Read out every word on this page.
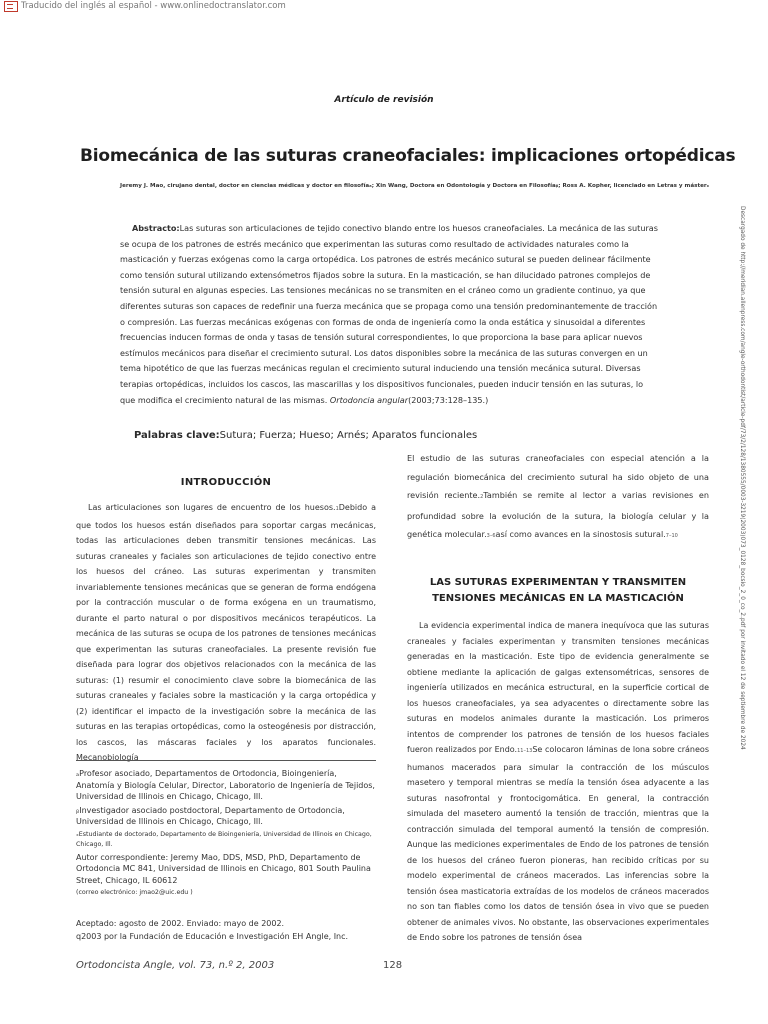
Traducido del inglés al español - www.onlinedoctranslator.com
Artículo de revisión
Biomecánica de las suturas craneofaciales: implicaciones ortopédicas
Jeremy J. Mao, cirujano dental, doctor en ciencias médicas y doctor en filosofíaₐ; Xin Wang, Doctora en Odontología y Doctora en Filosofíaᵦ; Ross A. Kopher, licenciado en Letras y másterₓ
Abstracto:Las suturas son articulaciones de tejido conectivo blando entre los huesos craneofaciales. La mecánica de las suturas se ocupa de los patrones de estrés mecánico que experimentan las suturas como resultado de actividades naturales como la masticación y fuerzas exógenas como la carga ortopédica. Los patrones de estrés mecánico sutural se pueden delinear fácilmente como tensión sutural utilizando extensómetros fijados sobre la sutura. En la masticación, se han dilucidado patrones complejos de tensión sutural en algunas especies. Las tensiones mecánicas no se transmiten en el cráneo como un gradiente continuo, ya que diferentes suturas son capaces de redefinir una fuerza mecánica que se propaga como una tensión predominantemente de tracción o compresión. Las fuerzas mecánicas exógenas con formas de onda de ingeniería como la onda estática y sinusoidal a diferentes frecuencias inducen formas de onda y tasas de tensión sutural correspondientes, lo que proporciona la base para aplicar nuevos estímulos mecánicos para diseñar el crecimiento sutural. Los datos disponibles sobre la mecánica de las suturas convergen en un tema hipotético de que las fuerzas mecánicas regulan el crecimiento sutural induciendo una tensión mecánica sutural. Diversas terapias ortopédicas, incluidos los cascos, las mascarillas y los dispositivos funcionales, pueden inducir tensión en las suturas, lo que modifica el crecimiento natural de las mismas. Ortodoncia angular(2003;73:128–135.)
Palabras clave:Sutura; Fuerza; Hueso; Arnés; Aparatos funcionales
INTRODUCCIÓN
Las articulaciones son lugares de encuentro de los huesos.1Debido a que todos los huesos están diseñados para soportar cargas mecánicas, todas las articulaciones deben transmitir tensiones mecánicas. Las suturas craneales y faciales son articulaciones de tejido conectivo entre los huesos del cráneo. Las suturas experimentan y transmiten invariablemente tensiones mecánicas que se generan de forma endógena por la contracción muscular o de forma exógena en un traumatismo, durante el parto natural o por dispositivos mecánicos terapéuticos. La mecánica de las suturas se ocupa de los patrones de tensiones mecánicas que experimentan las suturas craneofaciales. La presente revisión fue diseñada para lograr dos objetivos relacionados con la mecánica de las suturas: (1) resumir el conocimiento clave sobre la biomecánica de las suturas craneales y faciales sobre la masticación y la carga ortopédica y (2) identificar el impacto de la investigación sobre la mecánica de las suturas en las terapias ortopédicas, como la osteogénesis por distracción, los cascos, las máscaras faciales y los aparatos funcionales. Mecanobiología
El estudio de las suturas craneofaciales con especial atención a la regulación biomecánica del crecimiento sutural ha sido objeto de una revisión reciente.2También se remite al lector a varias revisiones en profundidad sobre la evolución de la sutura, la biología celular y la genética molecular.3–6así como avances en la sinostosis sutural.7–10
LAS SUTURAS EXPERIMENTAN Y TRANSMITEN TENSIONES MECÁNICAS EN LA MASTICACIÓN
La evidencia experimental indica de manera inequívoca que las suturas craneales y faciales experimentan y transmiten tensiones mecánicas generadas en la masticación. Este tipo de evidencia generalmente se obtiene mediante la aplicación de galgas extensométricas, sensores de ingeniería utilizados en mecánica estructural, en la superficie cortical de los huesos craneofaciales, ya sea adyacentes o directamente sobre las suturas en modelos animales durante la masticación. Los primeros intentos de comprender los patrones de tensión de los huesos faciales fueron realizados por Endo.11–13Se colocaron láminas de lona sobre cráneos humanos macerados para simular la contracción de los músculos masetero y temporal mientras se medía la tensión ósea adyacente a las suturas nasofrontal y frontocigomática. En general, la contracción simulada del masetero aumentó la tensión de tracción, mientras que la contracción simulada del temporal aumentó la tensión de compresión. Aunque las mediciones experimentales de Endo de los patrones de tensión de los huesos del cráneo fueron pioneras, han recibido críticas por su modelo experimental de cráneos macerados. Las inferencias sobre la tensión ósea masticatoria extraídas de los modelos de cráneos macerados no son tan fiables como los datos de tensión ósea in vivo que se pueden obtener de animales vivos. No obstante, las observaciones experimentales de Endo sobre los patrones de tensión ósea
ₐProfesor asociado, Departamentos de Ortodoncia, Bioingeniería, Anatomía y Biología Celular, Director, Laboratorio de Ingeniería de Tejidos, Universidad de Illinois en Chicago, Chicago, Ill.
ᵦInvestigador asociado postdoctoral, Departamento de Ortodoncia, Universidad de Illinois en Chicago, Chicago, Ill.
ₓEstudiante de doctorado, Departamento de Bioingeniería, Universidad de Illinois en Chicago, Chicago, Ill.
Autor correspondiente: Jeremy Mao, DDS, MSD, PhD, Departamento de Ortodoncia MC 841, Universidad de Illinois en Chicago, 801 South Paulina Street, Chicago, IL 60612
(correo electrónico: jmao2@uic.edu )
Aceptado: agosto de 2002. Enviado: mayo de 2002.
q2003 por la Fundación de Educación e Investigación EH Angle, Inc.
Ortodoncista Angle, vol. 73, n.º 2, 2003	128
Descargado de http://meridian.allenpress.com/angle-orthodontist/article-pdf/73/2/128/1380555/0003-3219(2003)073_0128_bocsio_2_0_co_2.pdf por invitado el 12 de septiembre de 2024
